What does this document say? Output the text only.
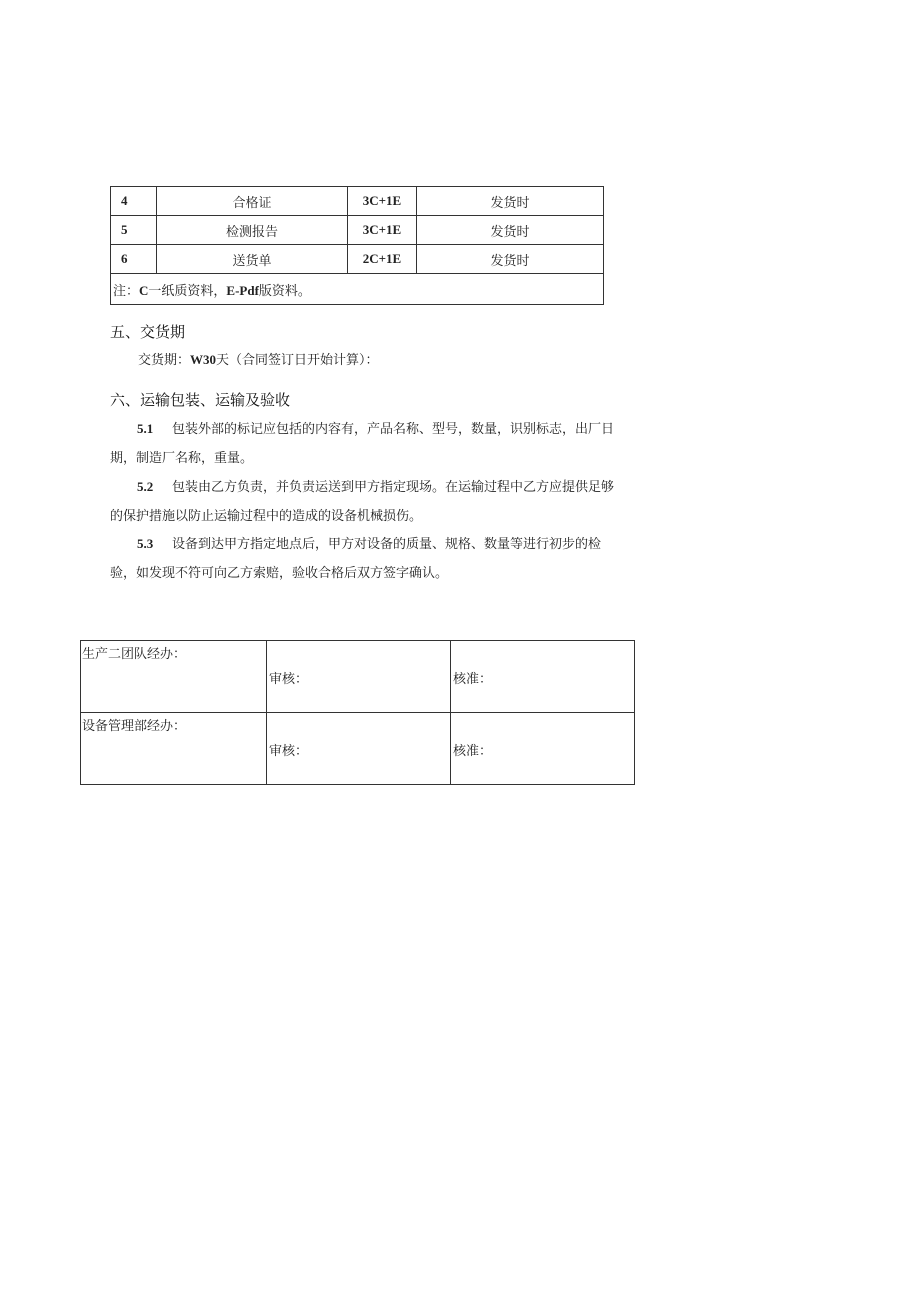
4	合格证	3C+1E	发货时
5	检测报告	3C+1E	发货时
6	送货单	2C+1E	发货时
注：C一纸质资料，E-Pdf版资料。			
五、交货期
交货期：W30天（合同签订日开始计算）：
六、运输包装、运输及验收
5.1 包装外部的标记应包括的内容有，产品名称、型号，数量，识别标志，出厂日
期，制造厂名称，重量。
5.2 包装由乙方负责，并负责运送到甲方指定现场。在运输过程中乙方应提供足够
的保护措施以防止运输过程中的造成的设备机械损伤。
5.3 设备到达甲方指定地点后，甲方对设备的质量、规格、数量等进行初步的检
验，如发现不符可向乙方索赔，验收合格后双方签字确认。
生产二团队经办：	审核：	核准：

设备管理部经办：	审核：	核准：
